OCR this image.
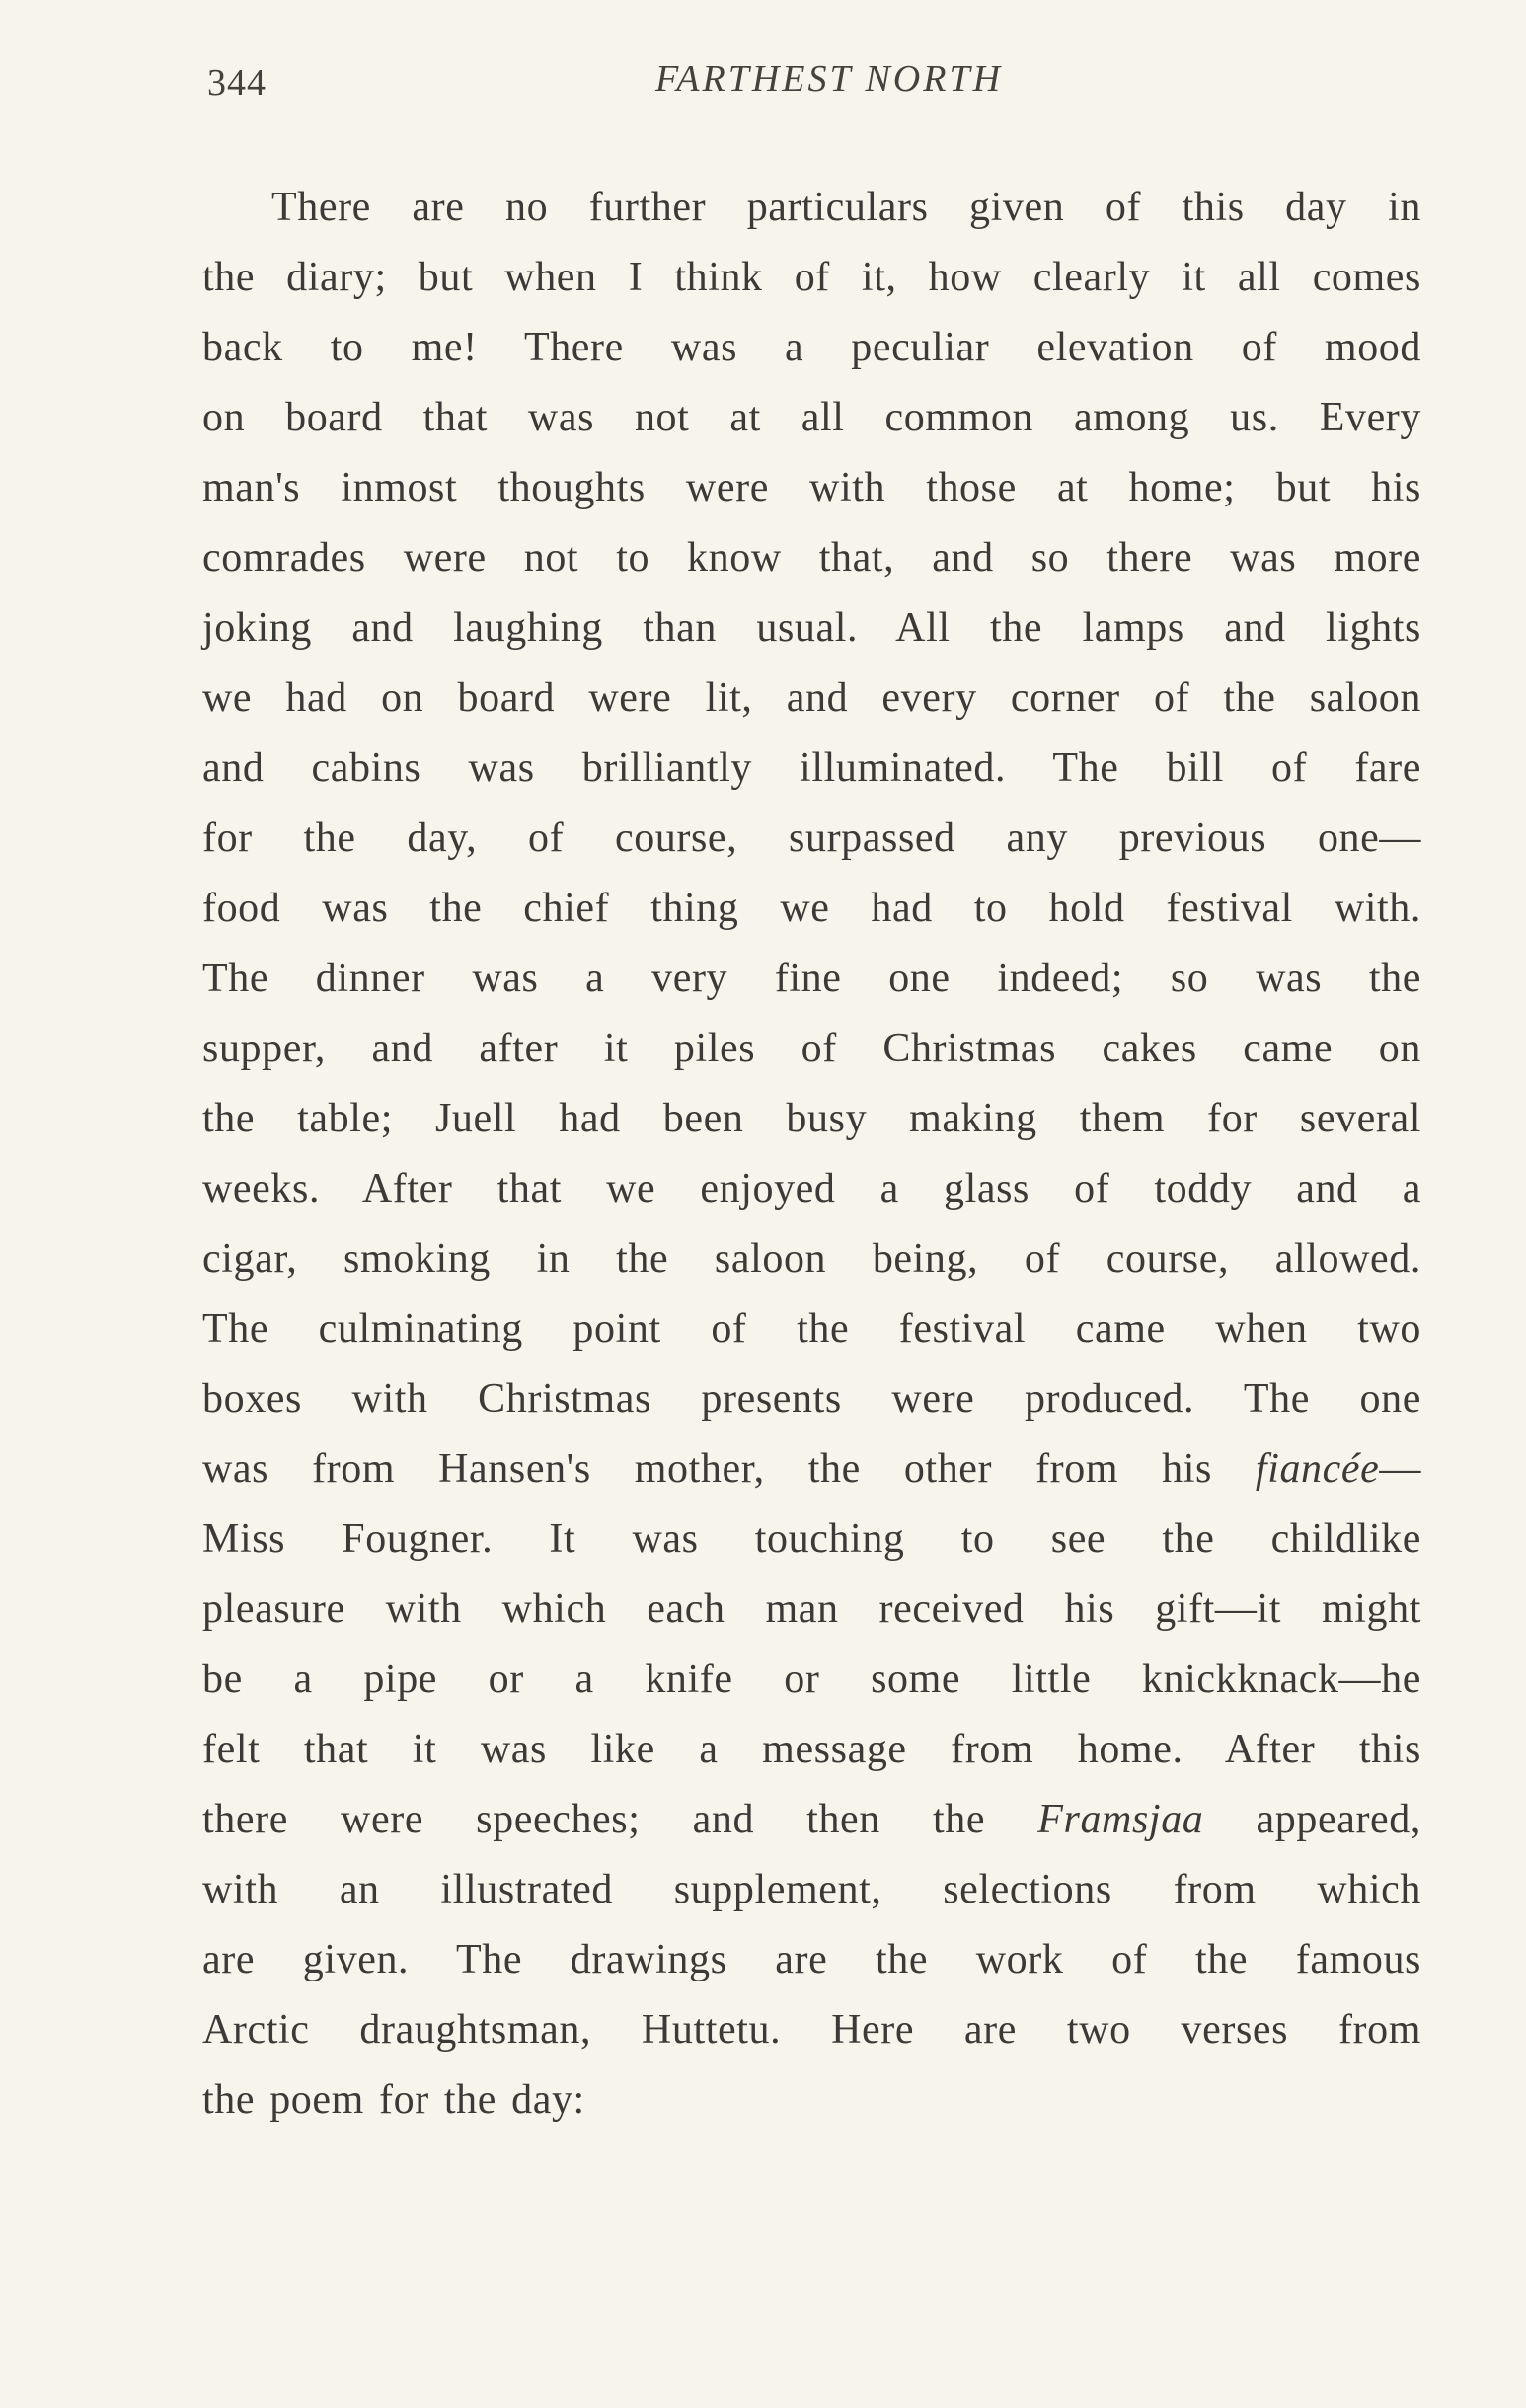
344	FARTHEST NORTH
There are no further particulars given of this day in
the diary; but when I think of it, how clearly it all comes
back to me! There was a peculiar elevation of mood
on board that was not at all common among us. Every
man's inmost thoughts were with those at home; but his
comrades were not to know that, and so there was more
joking and laughing than usual. All the lamps and lights
we had on board were lit, and every corner of the saloon
and cabins was brilliantly illuminated. The bill of fare
for the day, of course, surpassed any previous one—
food was the chief thing we had to hold festival with.
The dinner was a very fine one indeed; so was the
supper, and after it piles of Christmas cakes came on
the table; Juell had been busy making them for several
weeks. After that we enjoyed a glass of toddy and a
cigar, smoking in the saloon being, of course, allowed.
The culminating point of the festival came when two
boxes with Christmas presents were produced. The one
was from Hansen's mother, the other from his fiancée—
Miss Fougner. It was touching to see the childlike
pleasure with which each man received his gift—it might
be a pipe or a knife or some little knickknack—he
felt that it was like a message from home. After this
there were speeches; and then the Framsjaa appeared,
with an illustrated supplement, selections from which
are given. The drawings are the work of the famous
Arctic draughtsman, Huttetu. Here are two verses from
the poem for the day:
